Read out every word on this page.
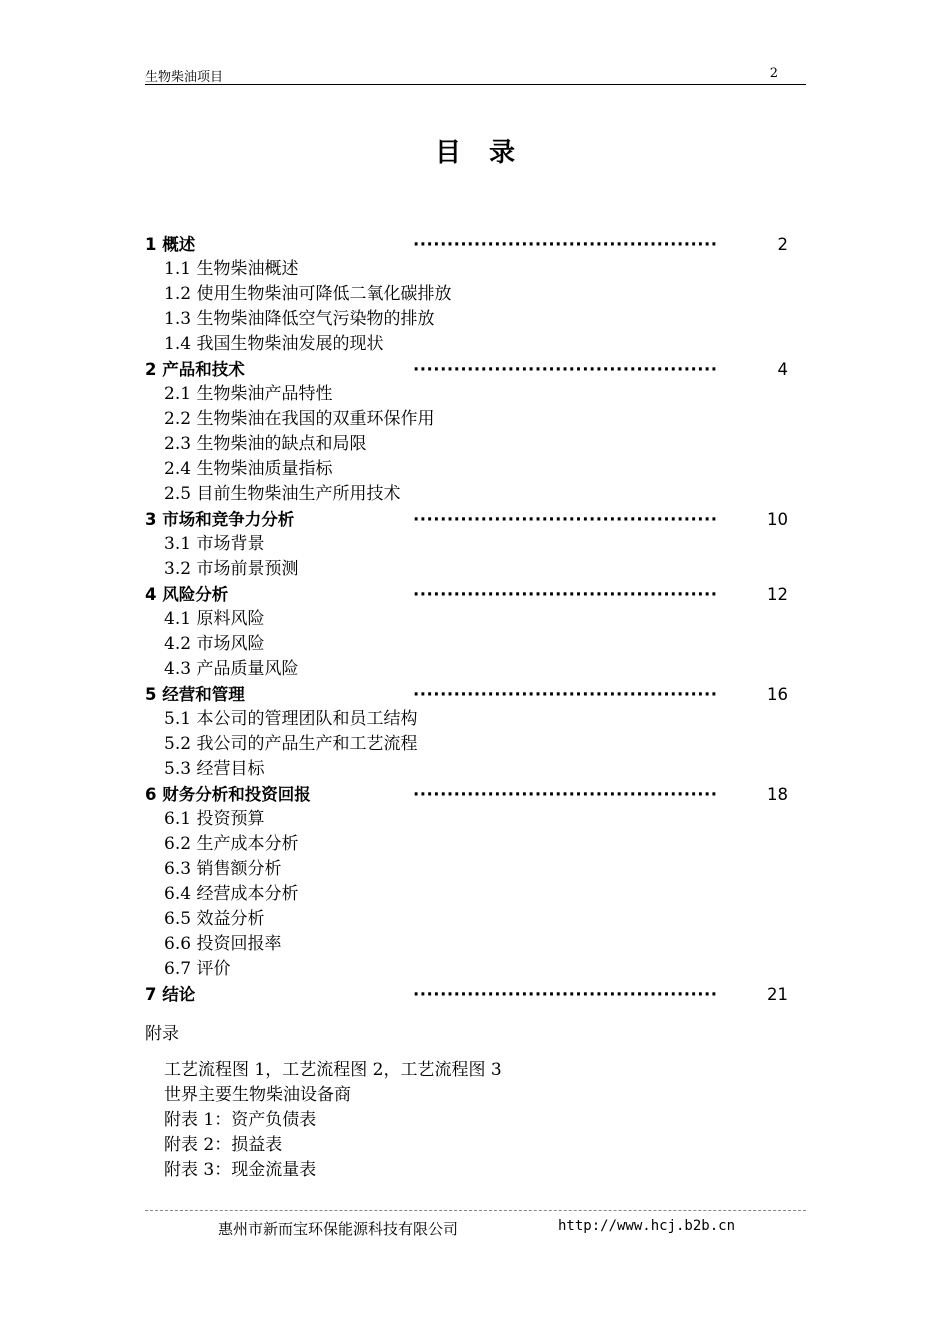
生物柴油项目	2
目录
1 概述 ·····	2
1.1 生物柴油概述
1.2 使用生物柴油可降低二氧化碳排放
1.3 生物柴油降低空气污染物的排放
1.4 我国生物柴油发展的现状
2 产品和技术 ·····	4
2.1 生物柴油产品特性
2.2 生物柴油在我国的双重环保作用
2.3 生物柴油的缺点和局限
2.4 生物柴油质量指标
2.5 目前生物柴油生产所用技术
3 市场和竞争力分析 ·····	10
3.1 市场背景
3.2 市场前景预测
4 风险分析 ·····	12
4.1 原料风险
4.2 市场风险
4.3 产品质量风险
5 经营和管理 ·····	16
5.1 本公司的管理团队和员工结构
5.2 我公司的产品生产和工艺流程
5.3 经营目标
6 财务分析和投资回报 ·····	18
6.1 投资预算
6.2 生产成本分析
6.3 销售额分析
6.4 经营成本分析
6.5 效益分析
6.6 投资回报率
6.7 评价
7 结论 ·····	21
附录
工艺流程图 1，工艺流程图 2，工艺流程图 3
世界主要生物柴油设备商
附表 1：资产负债表
附表 2：损益表
附表 3：现金流量表
惠州市新而宝环保能源科技有限公司	http://www.hcj.b2b.cn
